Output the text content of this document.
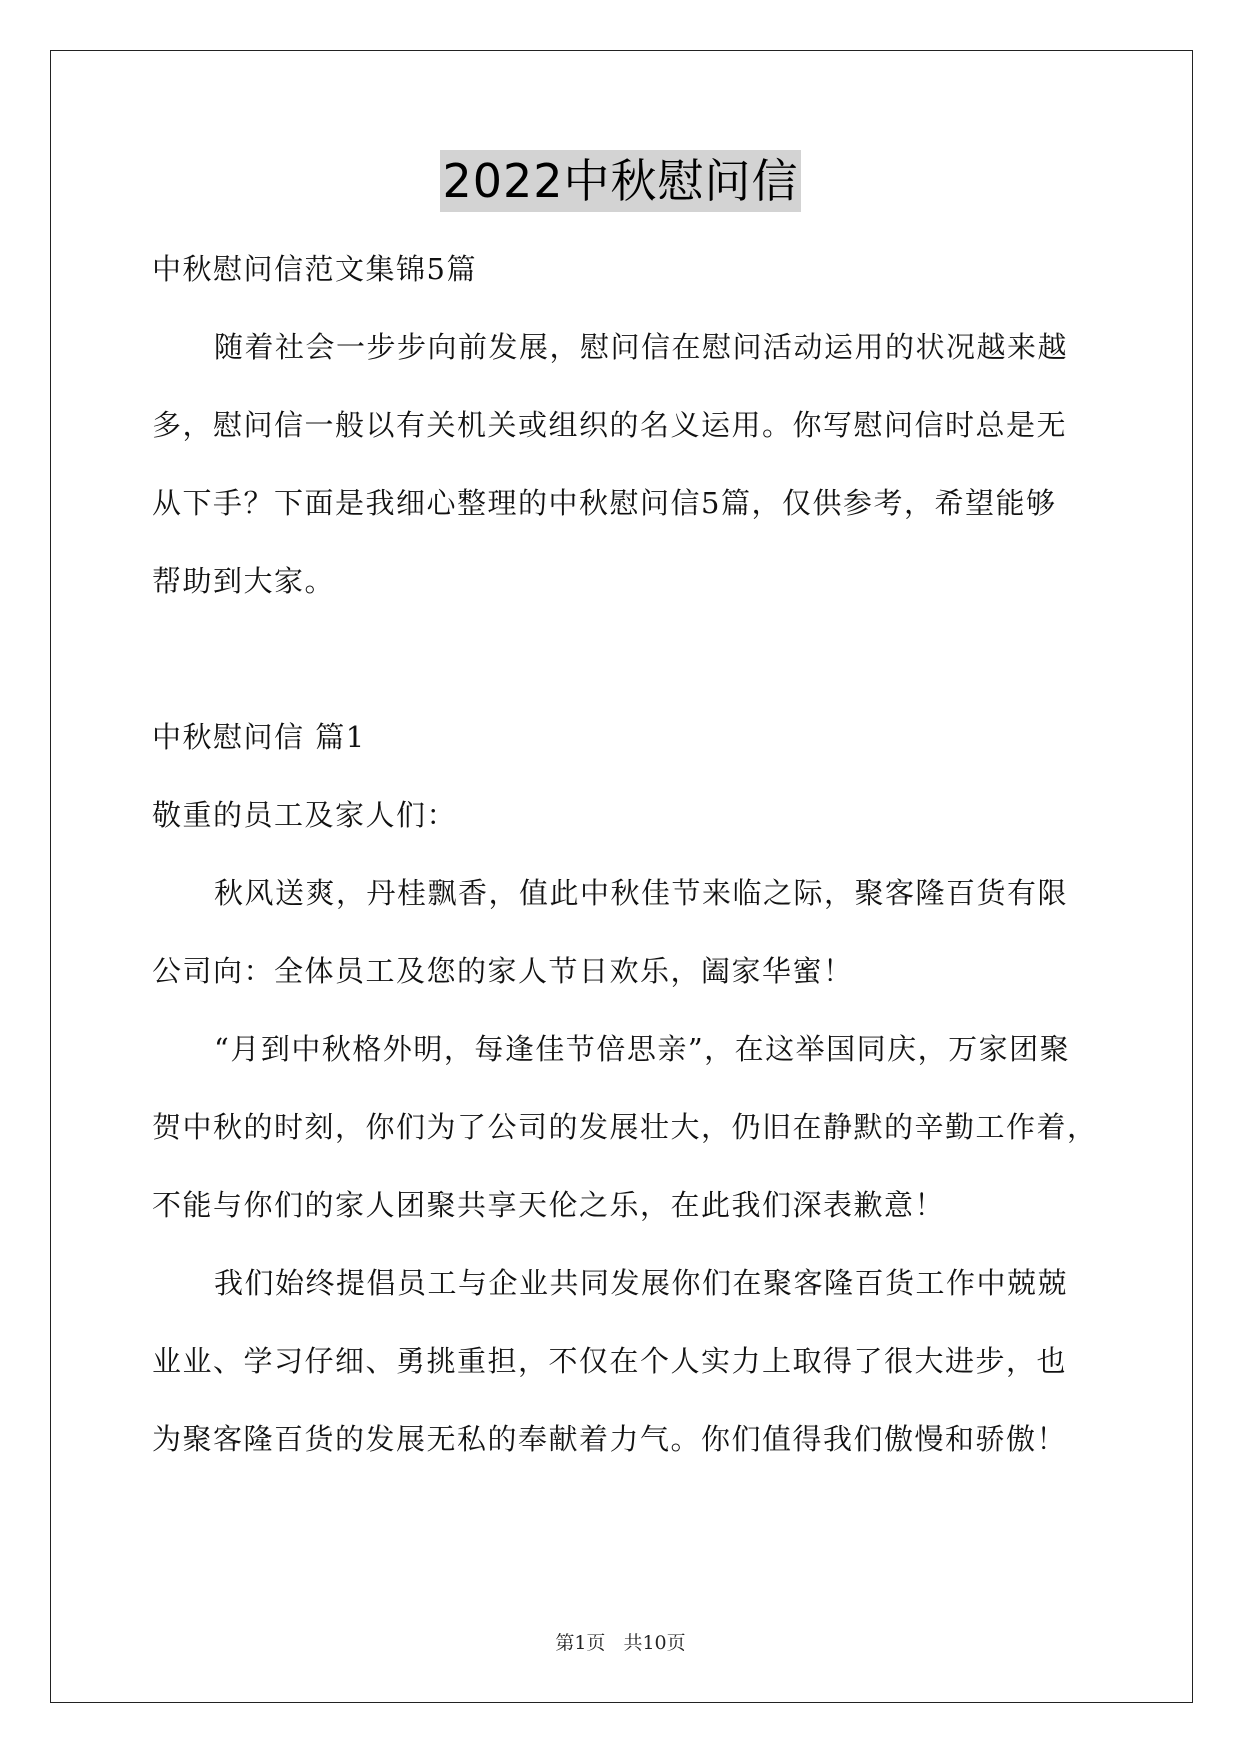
2022中秋慰问信
中秋慰问信范文集锦5篇
随着社会一步步向前发展，慰问信在慰问活动运用的状况越来越
多，慰问信一般以有关机关或组织的名义运用。你写慰问信时总是无
从下手？下面是我细心整理的中秋慰问信5篇，仅供参考，希望能够
帮助到大家。
中秋慰问信 篇1
敬重的员工及家人们：
秋风送爽，丹桂飘香，值此中秋佳节来临之际，聚客隆百货有限
公司向：全体员工及您的家人节日欢乐，阖家华蜜！
“月到中秋格外明，每逢佳节倍思亲”，在这举国同庆，万家团聚
贺中秋的时刻，你们为了公司的发展壮大，仍旧在静默的辛勤工作着，
不能与你们的家人团聚共享天伦之乐，在此我们深表歉意！
我们始终提倡员工与企业共同发展你们在聚客隆百货工作中兢兢
业业、学习仔细、勇挑重担，不仅在个人实力上取得了很大进步，也
为聚客隆百货的发展无私的奉献着力气。你们值得我们傲慢和骄傲！
第1页 共10页
